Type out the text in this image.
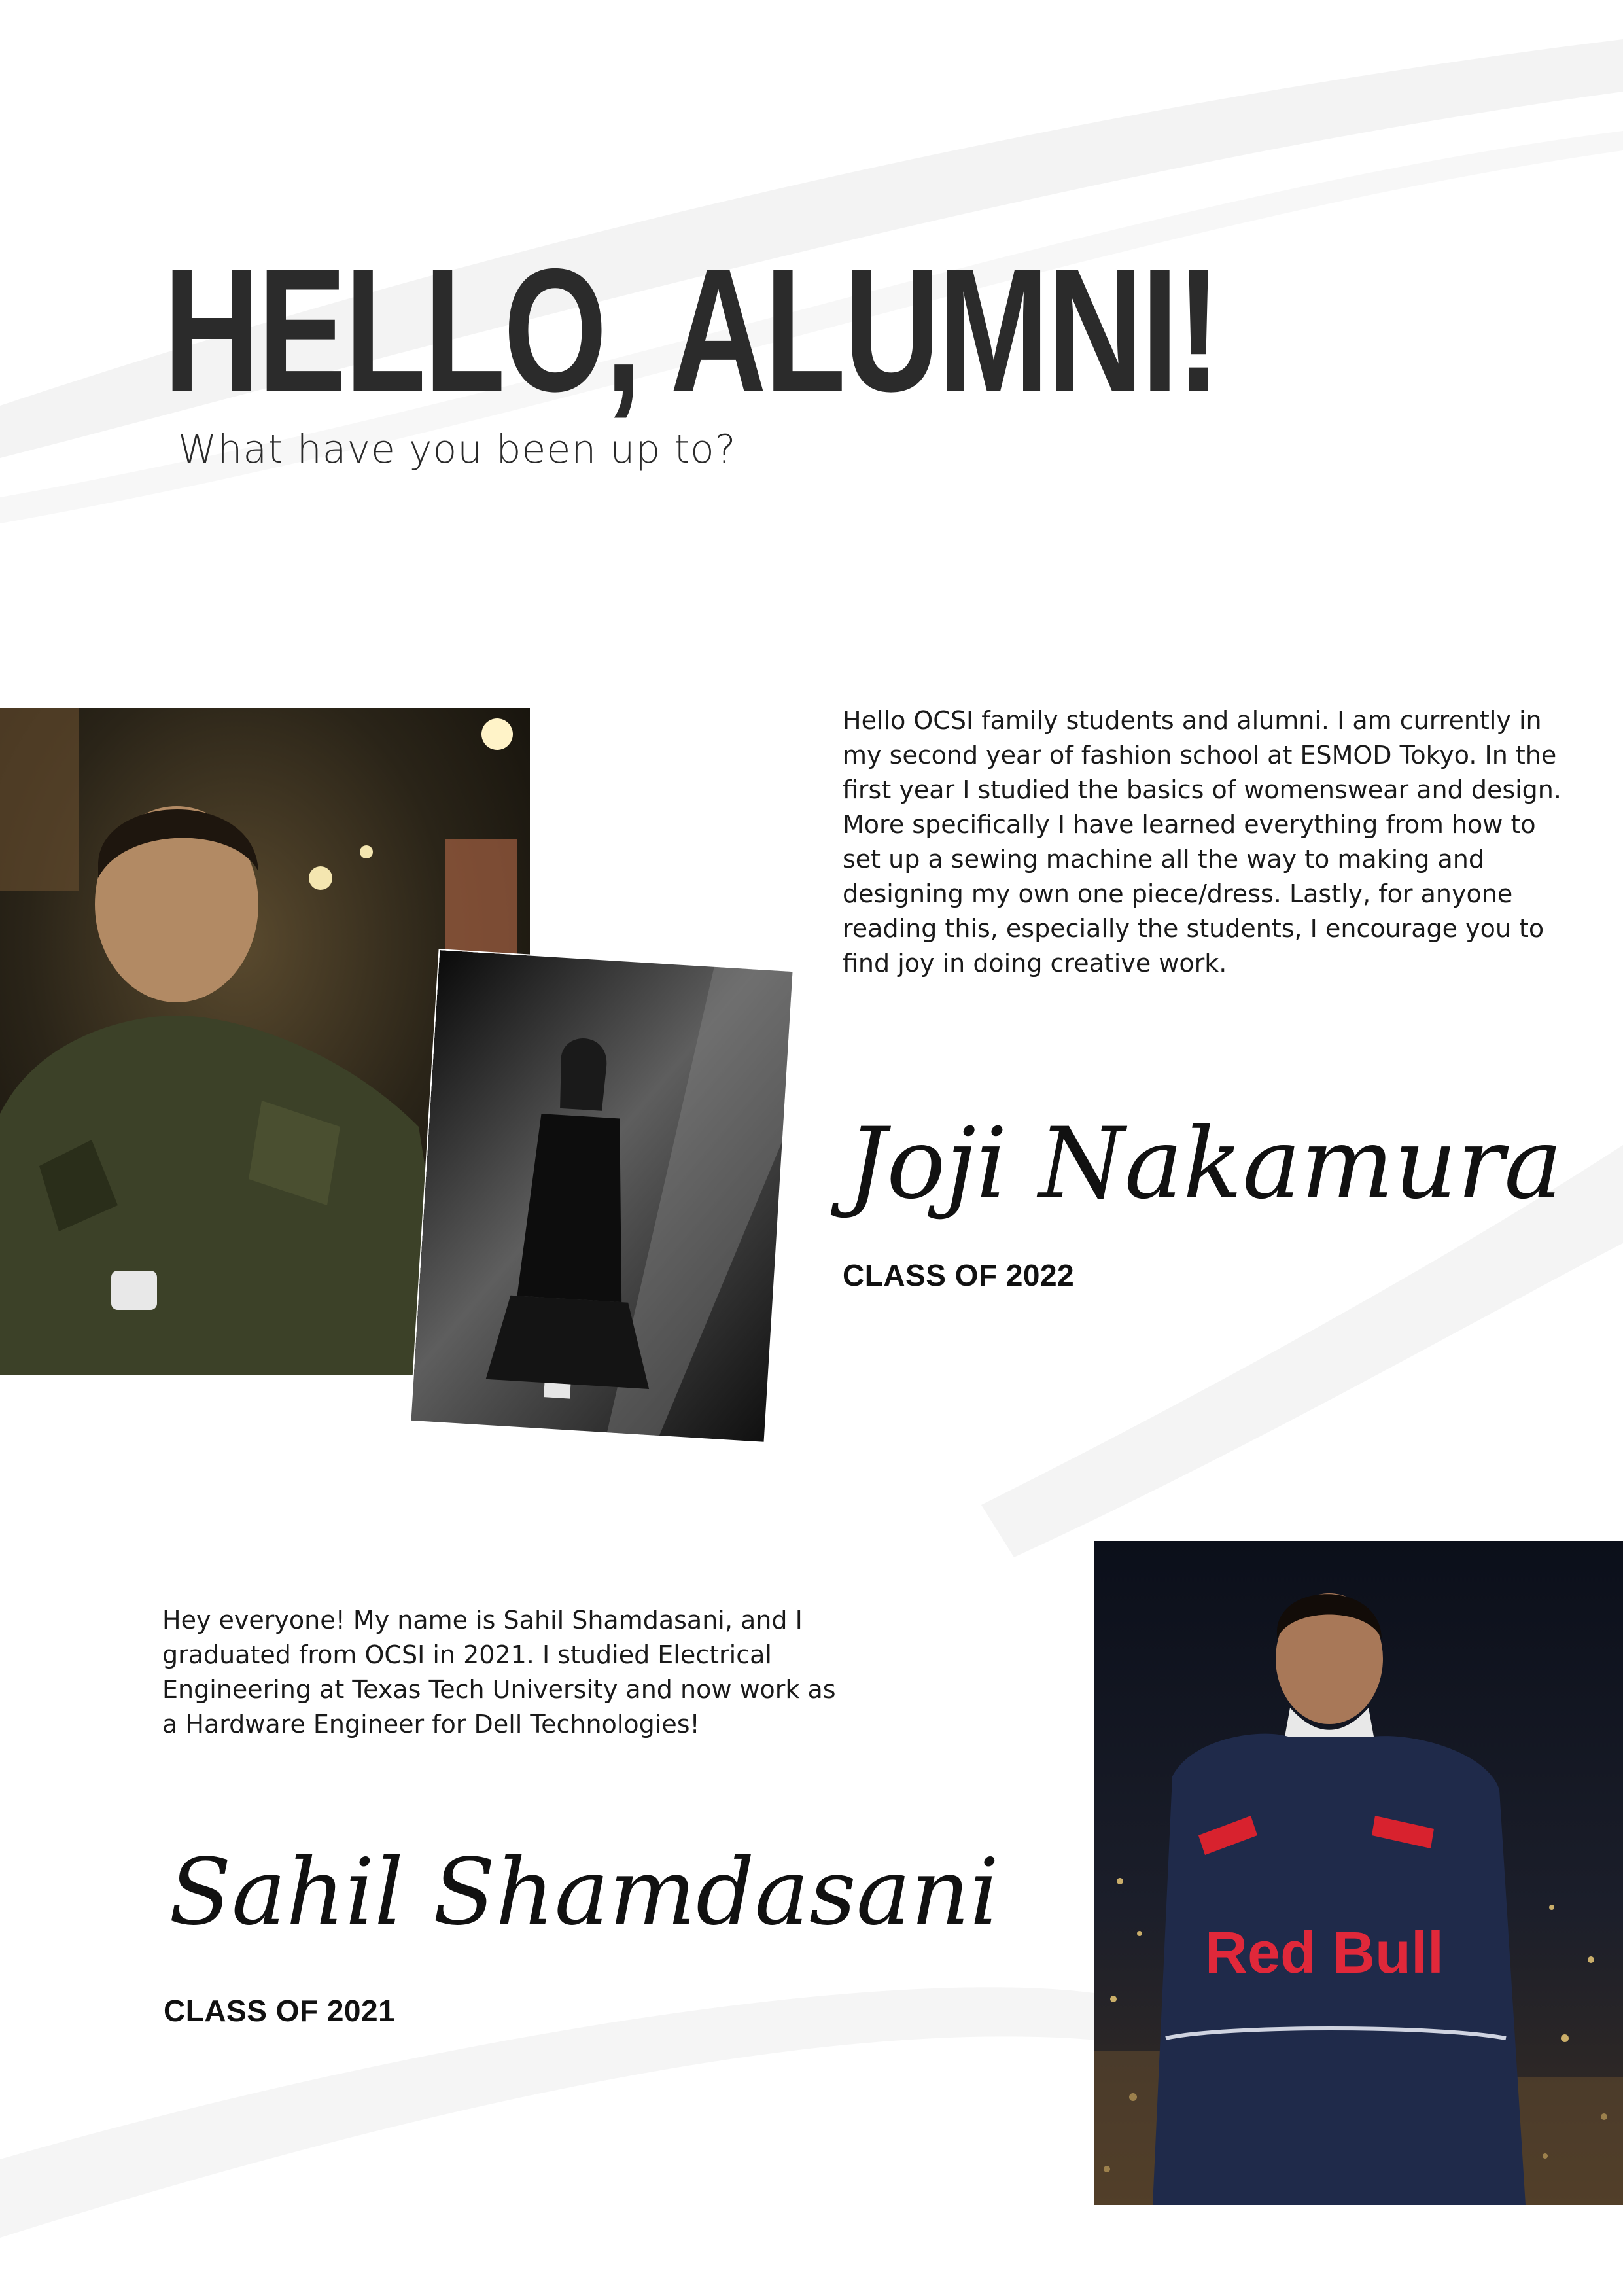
HELLO, ALUMNI!
What have you been up to?

Hello OCSI family students and alumni. I am currently in my second year of fashion school at ESMOD Tokyo. In the first year I studied the basics of womenswear and design. More specifically I have learned everything from how to set up a sewing machine all the way to making and designing my own one piece/dress. Lastly, for anyone reading this, especially the students, I encourage you to find joy in doing creative work.

Joji Nakamura
CLASS OF 2022

Hey everyone! My name is Sahil Shamdasani, and I graduated from OCSI in 2021. I studied Electrical Engineering at Texas Tech University and now work as a Hardware Engineer for Dell Technologies!

Sahil Shamdasani
CLASS OF 2021
Red Bull
